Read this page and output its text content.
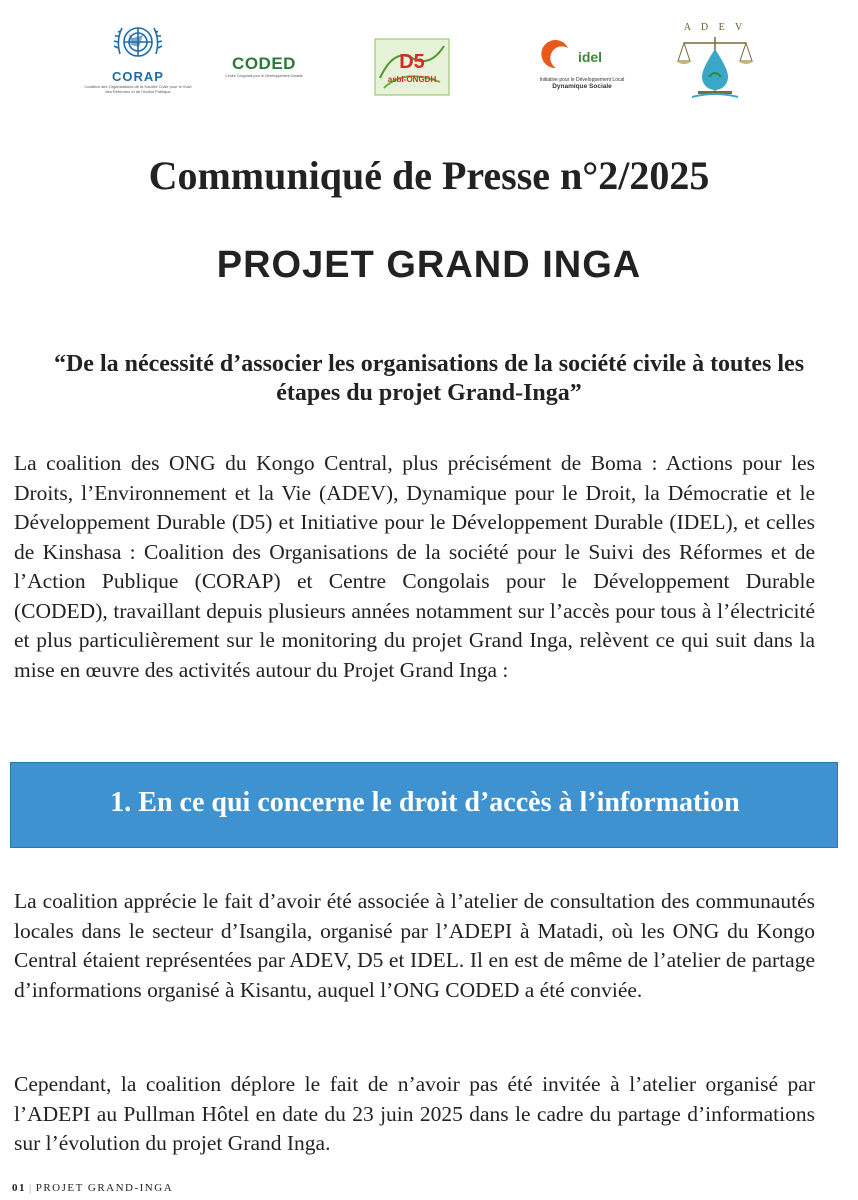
CORAP
Coalition des Organisations de la Société Civile pour le Suivi des Réformes et de l'Action Publique
CODED
Centre Congolais pour le Développement Durable
D5
asbl-ONGDH
idel
Initiative pour le Développement Local
Dynamique Sociale
A D E V
Communiqué de Presse n°2/2025
PROJET GRAND INGA
“De la nécessité d’associer les organisations de la société civile à toutes les étapes du projet Grand-Inga”
La coalition des ONG du Kongo Central, plus précisément de Boma : Actions pour les Droits, l’Environnement et la Vie (ADEV), Dynamique pour le Droit, la Démocratie et le Développement Durable (D5) et Initiative pour le Développement Durable (IDEL), et celles de Kinshasa : Coalition des Organisations de la société pour le Suivi des Réformes et de l’Action Publique (CORAP) et Centre Congolais pour le Développement Durable (CODED), travaillant depuis plusieurs années notamment sur l’accès pour tous à l’électricité et plus particulièrement sur le monitoring du projet Grand Inga, relèvent ce qui suit dans la mise en œuvre des activités autour du Projet Grand Inga :
1. En ce qui concerne le droit d’accès à l’information
La coalition apprécie le fait d’avoir été associée à l’atelier de consultation des communautés locales dans le secteur d’Isangila, organisé par l’ADEPI à Matadi, où les ONG du Kongo Central étaient représentées par ADEV, D5 et IDEL. Il en est de même de l’atelier de partage d’informations organisé à Kisantu, auquel l’ONG CODED a été conviée.
Cependant, la coalition déplore le fait de n’avoir pas été invitée à l’atelier organisé par l’ADEPI au Pullman Hôtel en date du 23 juin 2025 dans le cadre du partage d’informations sur l’évolution du projet Grand Inga.
01 | PROJET GRAND-INGA
